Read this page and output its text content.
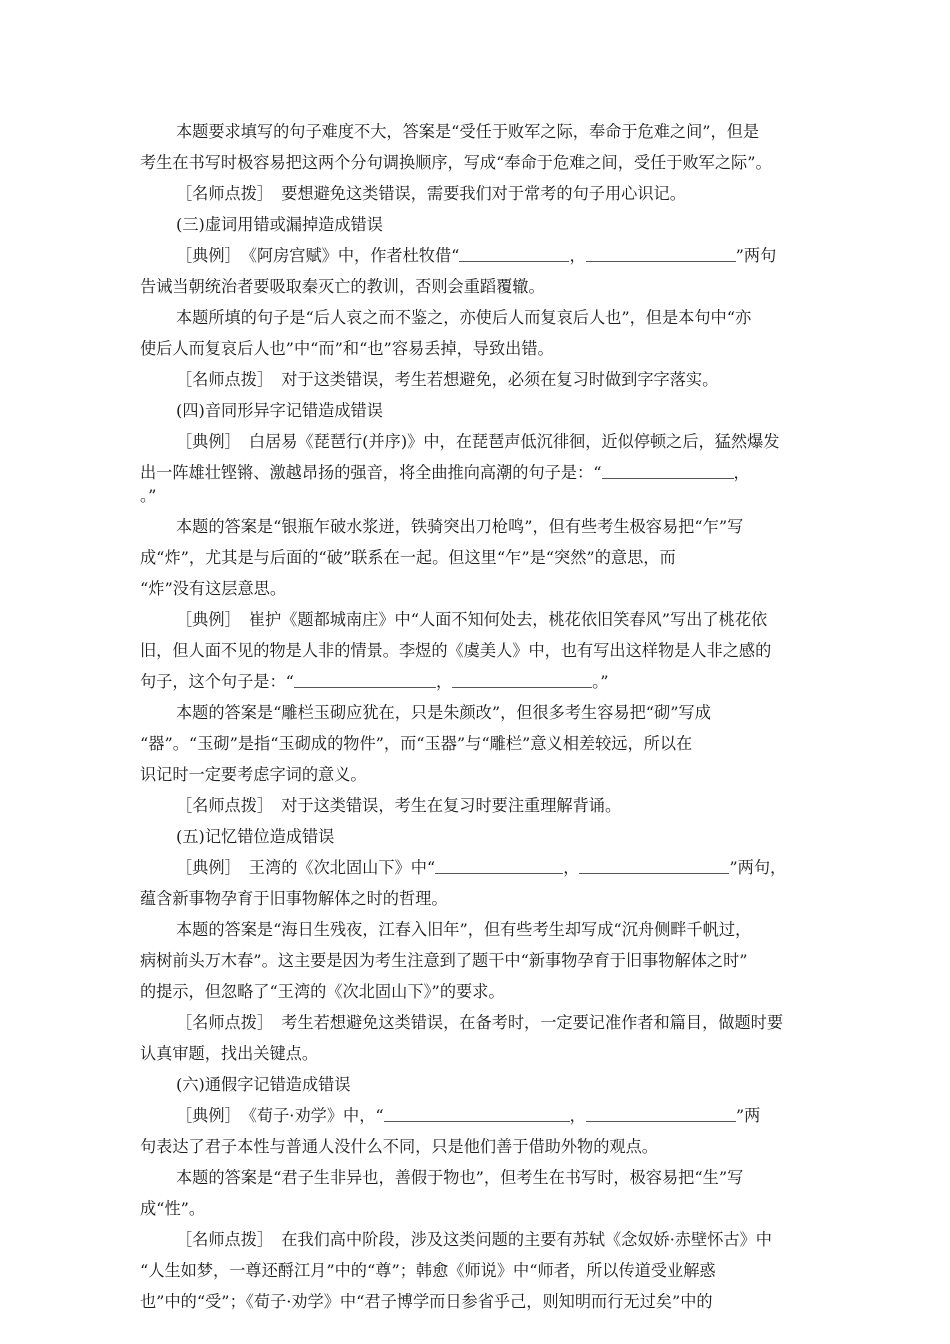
本题要求填写的句子难度不大，答案是“受任于败军之际，奉命于危难之间”，但是
考生在书写时极容易把这两个分句调换顺序，写成“奉命于危难之间，受任于败军之际”。
［名师点拨］　要想避免这类错误，需要我们对于常考的句子用心识记。
(三)虚词用错或漏掉造成错误
［典例］　《阿房宫赋》中，作者杜牧借“	，	”两句
告诫当朝统治者要吸取秦灭亡的教训，否则会重蹈覆辙。
本题所填的句子是“后人哀之而不鉴之，亦使后人而复哀后人也”，但是本句中“亦
使后人而复哀后人也”中“而”和“也”容易丢掉，导致出错。
［名师点拨］　对于这类错误，考生若想避免，必须在复习时做到字字落实。
(四)音同形异字记错造成错误
［典例］　白居易《琵琶行(并序)》中，在琵琶声低沉徘徊，近似停顿之后，猛然爆发
出一阵雄壮铿锵、激越昂扬的强音，将全曲推向高潮的句子是：“	，
。”
本题的答案是“银瓶乍破水浆迸，铁骑突出刀枪鸣”，但有些考生极容易把“乍”写
成“炸”，尤其是与后面的“破”联系在一起。但这里“乍”是“突然”的意思，而
“炸”没有这层意思。
［典例］　崔护《题都城南庄》中“人面不知何处去，桃花依旧笑春风”写出了桃花依
旧，但人面不见的物是人非的情景。李煜的《虞美人》中，也有写出这样物是人非之感的
句子，这个句子是：“	，	。”
本题的答案是“雕栏玉砌应犹在，只是朱颜改”，但很多考生容易把“砌”写成
“器”。“玉砌”是指“玉砌成的物件”，而“玉器”与“雕栏”意义相差较远，所以在
识记时一定要考虑字词的意义。
［名师点拨］　对于这类错误，考生在复习时要注重理解背诵。
(五)记忆错位造成错误
［典例］　王湾的《次北固山下》中“	，	”两句，
蕴含新事物孕育于旧事物解体之时的哲理。
本题的答案是“海日生残夜，江春入旧年”，但有些考生却写成“沉舟侧畔千帆过，
病树前头万木春”。这主要是因为考生注意到了题干中“新事物孕育于旧事物解体之时”
的提示，但忽略了“王湾的《次北固山下》”的要求。
［名师点拨］　考生若想避免这类错误，在备考时，一定要记准作者和篇目，做题时要
认真审题，找出关键点。
(六)通假字记错造成错误
［典例］　《荀子·劝学》中，“	，	”两
句表达了君子本性与普通人没什么不同，只是他们善于借助外物的观点。
本题的答案是“君子生非异也，善假于物也”，但考生在书写时，极容易把“生”写
成“性”。
［名师点拨］　在我们高中阶段，涉及这类问题的主要有苏轼《念奴娇·赤壁怀古》中
“人生如梦，一尊还酹江月”中的“尊”；韩愈《师说》中“师者，所以传道受业解惑
也”中的“受”；《荀子·劝学》中“君子博学而日参省乎己，则知明而行无过矣”中的
